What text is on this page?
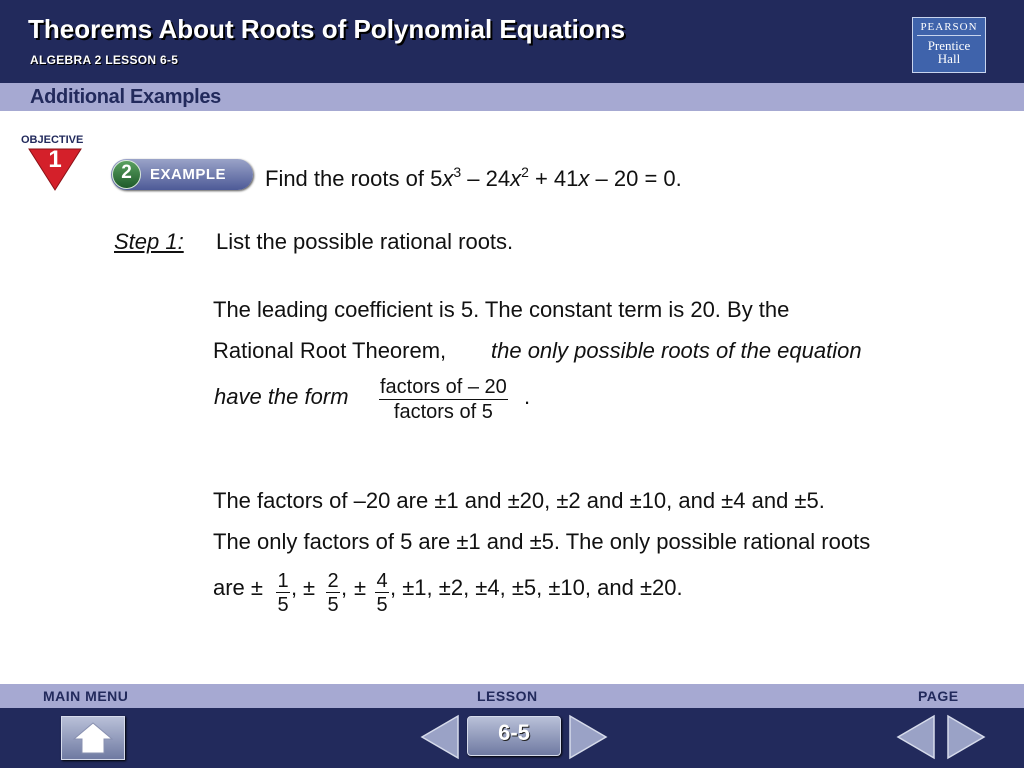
Theorems About Roots of Polynomial Equations
ALGEBRA 2 LESSON 6-5
PEARSON
Prentice
Hall
Additional Examples
OBJECTIVE
1	2	EXAMPLE Find the roots of $5x^3 - 24x^2 + 41x - 20 = 0$.
Step 1: List the possible rational roots.
The leading coefficient is 5. The constant term is 20. By the
Rational Root Theorem, the only possible roots of the equation
have the form factors of – 20
factors of 5
.
The factors of –20 are ±1 and ±20, ±2 and ±10, and ±4 and ±5.
The only factors of 5 are ±1 and ±5. The only possible rational roots
are ± $\frac{1}{5}$ , ± $\frac{2}{5}$ , ± $\frac{4}{5}$ , ±1, ±2, ±4, ±5, ±10, and ±20.
MAIN MENU	LESSON	PAGE
6-5
